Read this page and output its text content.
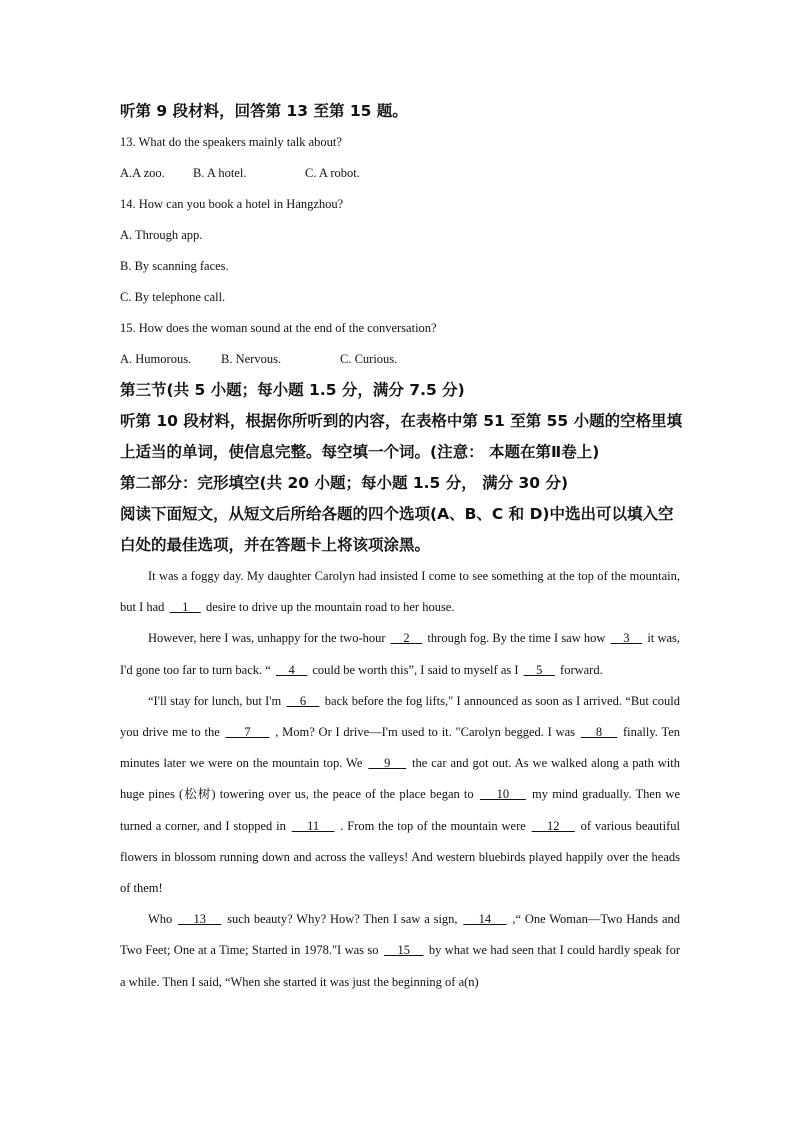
听第 9 段材料，回答第 13 至第 15 题。

13. What do the speakers mainly talk about?

A.A zoo.	B. A hotel.	C. A robot.

14. How can you book a hotel in Hangzhou?

A. Through app.

B. By scanning faces.

C. By telephone call.

15. How does the woman sound at the end of the conversation?

A. Humorous.	B. Nervous.	C. Curious.

第三节(共 5 小题；每小题 1.5 分，满分 7.5 分)

听第 10 段材料，根据你所听到的内容，在表格中第 51 至第 55 小题的空格里填

上适当的单词，使信息完整。每空填一个词。(注意： 本题在第Ⅱ卷上)

第二部分：完形填空(共 20 小题；每小题 1.5 分， 满分 30 分)

阅读下面短文，从短文后所给各题的四个选项(A、B、C 和 D)中选出可以填入空

白处的最佳选项，并在答题卡上将该项涂黑。

It was a foggy day. My daughter Carolyn had insisted I come to see something at the top of the mountain, but I had     1     desire to drive up the mountain road to her house.

However, here I was, unhappy for the two-hour     2     through fog. By the time I saw how     3     it was, I'd gone too far to turn back. “     4     could be worth this”, I said to myself as I     5     forward.

“I'll stay for lunch, but I'm     6     back before the fog lifts," I announced as soon as I arrived. “But could you drive me to the      7      , Mom? Or I drive—I'm used to it. "Carolyn begged. I was     8     finally. Ten minutes later we were on the mountain top. We     9     the car and got out. As we walked along a path with huge pines (松树) towering over us, the peace of the place began to     10     my mind gradually. Then we turned a corner, and I stopped in     11     . From the top of the mountain were     12     of various beautiful flowers in blossom running down and across the valleys! And western bluebirds played happily over the heads of them!

Who     13     such beauty? Why? How? Then I saw a sign,     14     ,“ One Woman—Two Hands and Two Feet; One at a Time; Started in 1978."I was so     15     by what we had seen that I could hardly speak for a while. Then I said, “When she started it was just the beginning of a(n)
